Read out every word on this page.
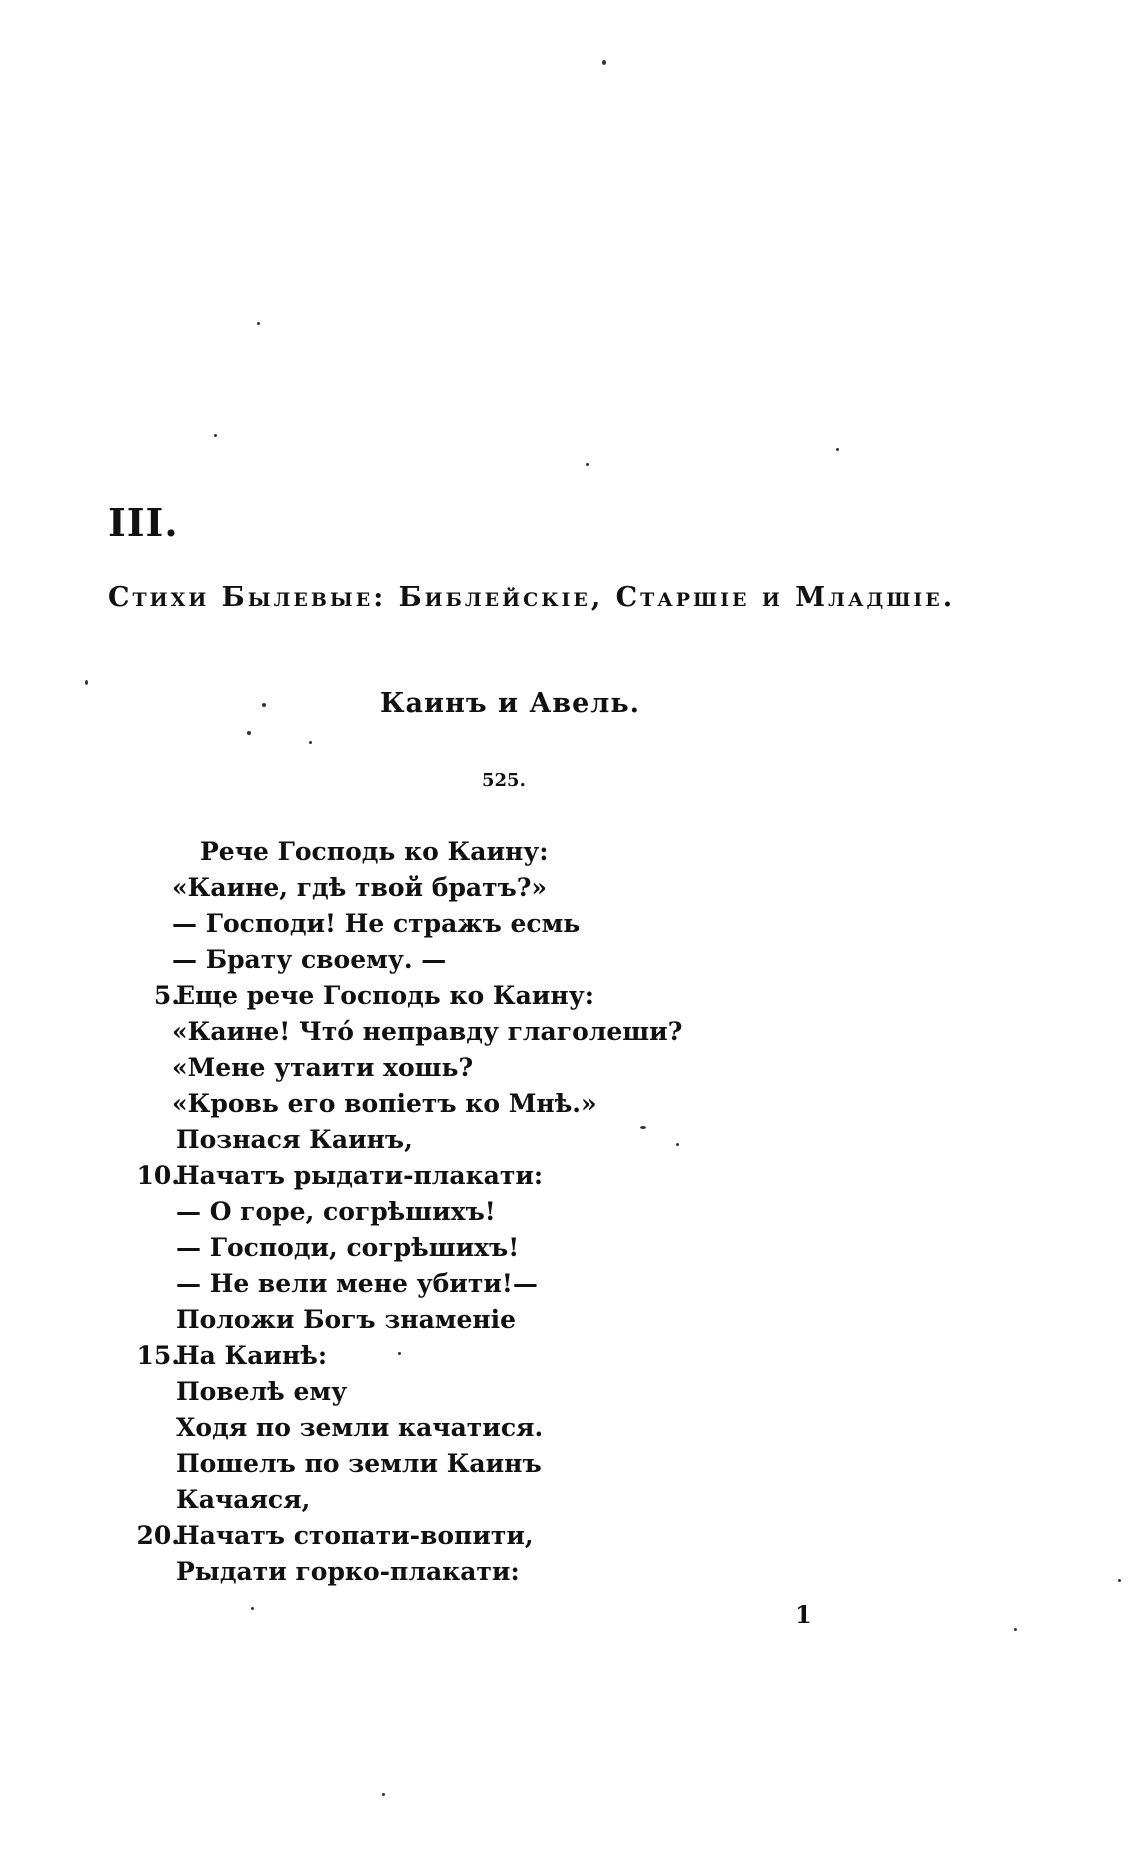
III.
Стихи Былевые: Библейскіе, Старшіе и Младшіе.
Каинъ и Авель.
525.
Рече Господь ко Каину:
«Каине, гдѣ твой братъ?»
— Господи! Не стражъ есмь
— Брату своему. —
5.
Еще рече Господь ко Каину:
«Каине! Что́ неправду глаголеши?
«Мене утаити хошь?
«Кровь его вопіетъ ко Мнѣ.»
Познася Каинъ,
10.
Начатъ рыдати-плакати:
— О горе, согрѣшихъ!
— Господи, согрѣшихъ!
— Не вели мене убити!—
Положи Богъ знаменіе
15.
На Каинѣ:
Повелѣ ему
Ходя по земли качатися.
Пошелъ по земли Каинъ
Качаяся,
20.
Начатъ стопати-вопити,
Рыдати горко-плакати:
1
